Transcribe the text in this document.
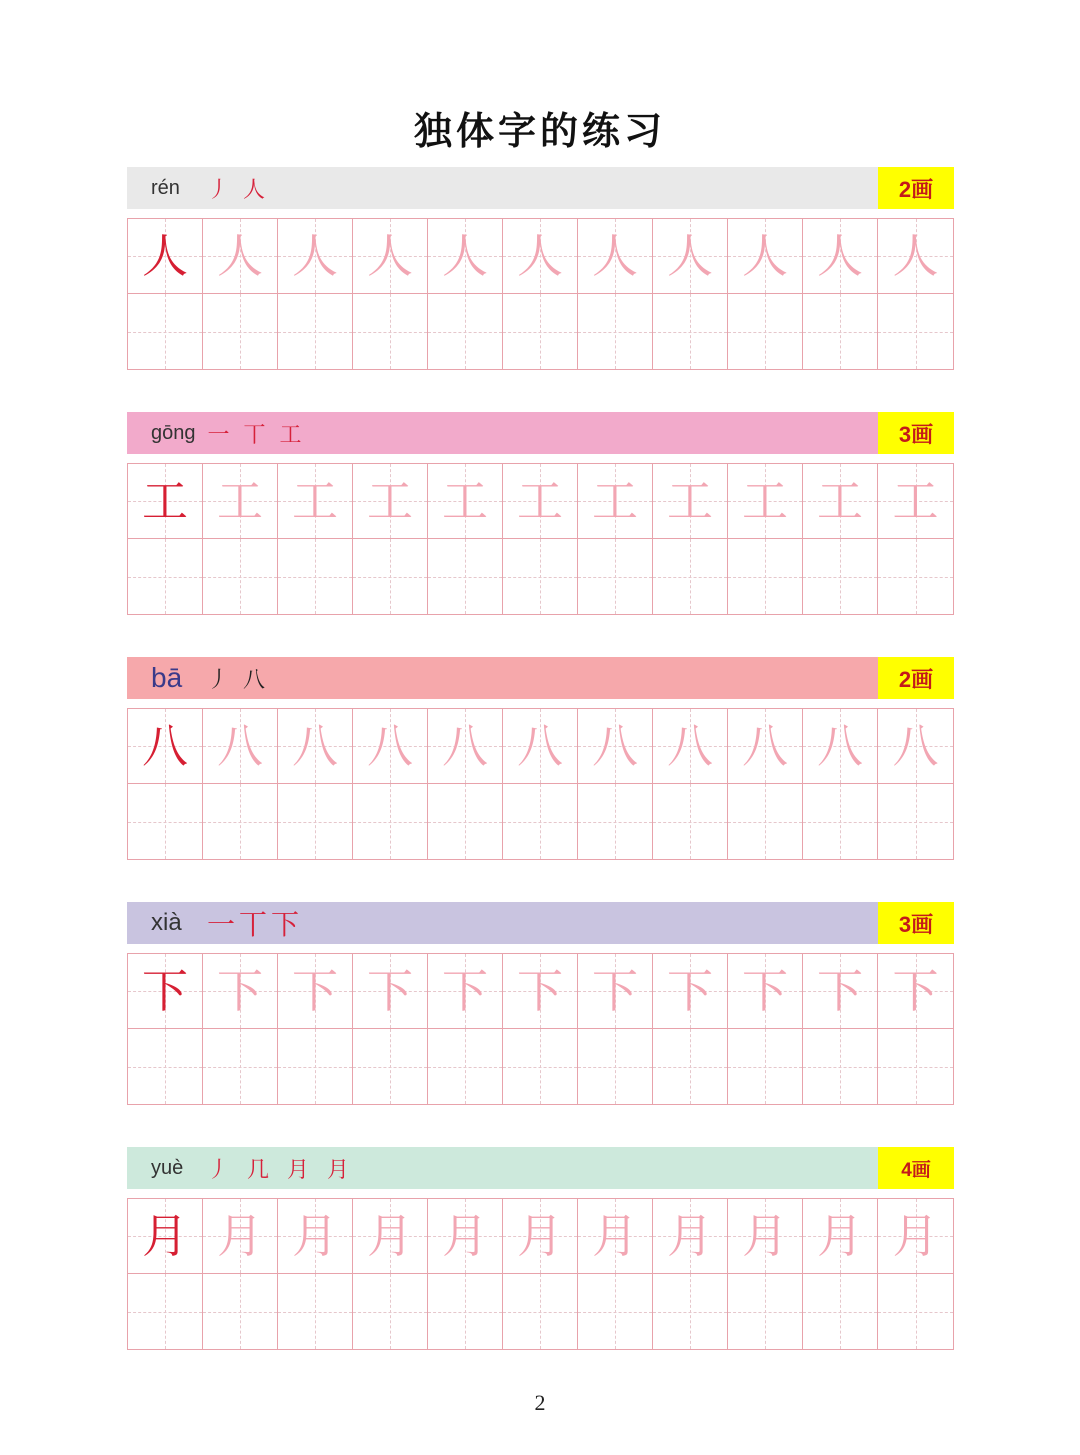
独体字的练习
rén	丿 人	2画
人 人 人 人 人 人 人 人 人 人 人
gōng 一 丅 工	3画
工 工 工 工 工 工 工 工 工 工 工
bā	丿 八	2画
八 八 八 八 八 八 八 八 八 八 八
xià 一 丅 下	3画
下 下 下 下 下 下 下 下 下 下 下
yuè	丿 几 月 月	4画
月 月 月 月 月 月 月 月 月 月 月
2
